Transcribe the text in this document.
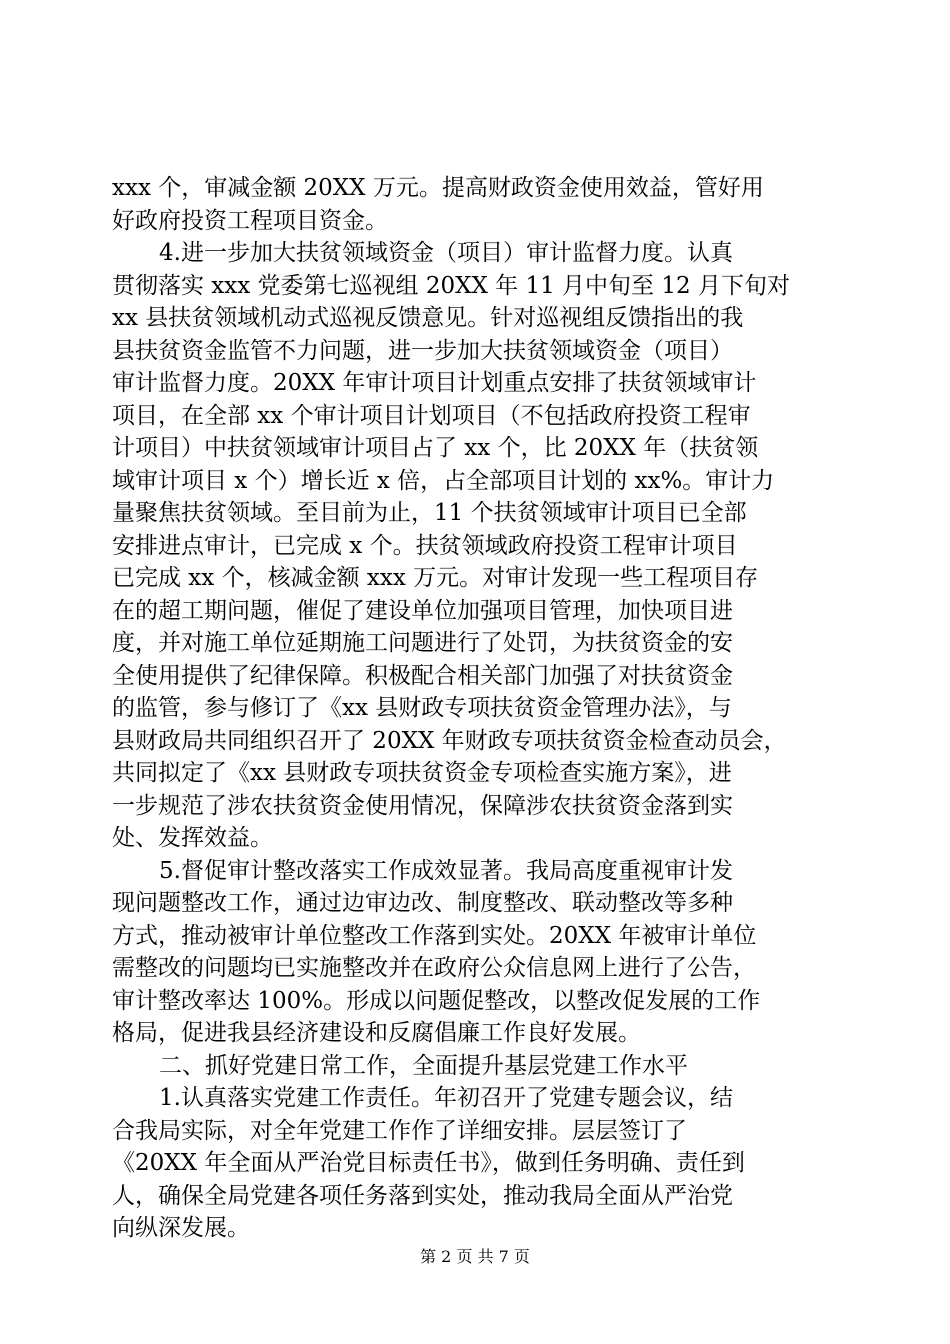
xxx 个，审减金额 20XX 万元。提高财政资金使用效益，管好用
好政府投资工程项目资金。
4.进一步加大扶贫领域资金（项目）审计监督力度。认真
贯彻落实 xxx 党委第七巡视组 20XX 年 11 月中旬至 12 月下旬对
xx 县扶贫领域机动式巡视反馈意见。针对巡视组反馈指出的我
县扶贫资金监管不力问题，进一步加大扶贫领域资金（项目）
审计监督力度。20XX 年审计项目计划重点安排了扶贫领域审计
项目，在全部 xx 个审计项目计划项目（不包括政府投资工程审
计项目）中扶贫领域审计项目占了 xx 个，比 20XX 年（扶贫领
域审计项目 x 个）增长近 x 倍，占全部项目计划的 xx%。审计力
量聚焦扶贫领域。至目前为止，11 个扶贫领域审计项目已全部
安排进点审计，已完成 x 个。扶贫领域政府投资工程审计项目
已完成 xx 个，核减金额 xxx 万元。对审计发现一些工程项目存
在的超工期问题，催促了建设单位加强项目管理，加快项目进
度，并对施工单位延期施工问题进行了处罚，为扶贫资金的安
全使用提供了纪律保障。积极配合相关部门加强了对扶贫资金
的监管，参与修订了《xx 县财政专项扶贫资金管理办法》，与
县财政局共同组织召开了 20XX 年财政专项扶贫资金检查动员会，
共同拟定了《xx 县财政专项扶贫资金专项检查实施方案》，进
一步规范了涉农扶贫资金使用情况，保障涉农扶贫资金落到实
处、发挥效益。
5.督促审计整改落实工作成效显著。我局高度重视审计发
现问题整改工作，通过边审边改、制度整改、联动整改等多种
方式，推动被审计单位整改工作落到实处。20XX 年被审计单位
需整改的问题均已实施整改并在政府公众信息网上进行了公告，
审计整改率达 100%。形成以问题促整改，以整改促发展的工作
格局，促进我县经济建设和反腐倡廉工作良好发展。
二、抓好党建日常工作，全面提升基层党建工作水平
1.认真落实党建工作责任。年初召开了党建专题会议，结
合我局实际，对全年党建工作作了详细安排。层层签订了
《20XX 年全面从严治党目标责任书》，做到任务明确、责任到
人，确保全局党建各项任务落到实处，推动我局全面从严治党
向纵深发展。
第 2 页 共 7 页
